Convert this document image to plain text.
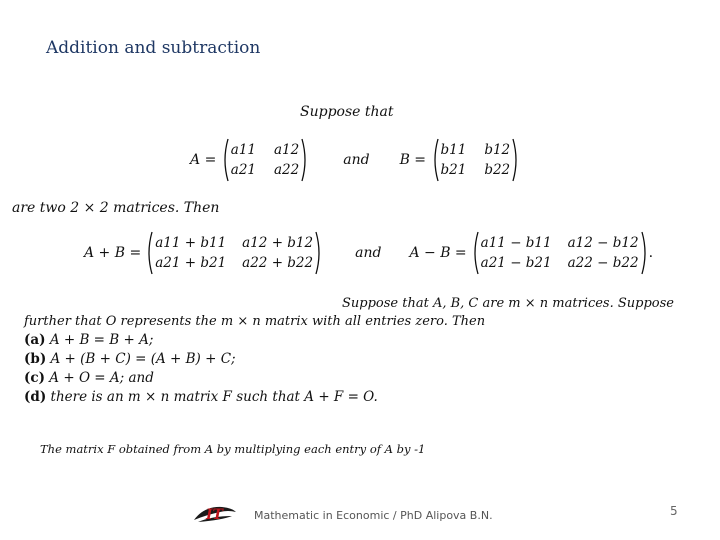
Addition and subtraction
Suppose that
A =
a11 a12
a21 a22
and B =
b11 b12
b21 b22
are two 2 × 2 matrices. Then
A + B =
a11 + b11 a12 + b12
a21 + b21 a22 + b22
and A − B =
a11 − b11 a12 − b12
a21 − b21 a22 − b22
.
Suppose that A, B, C are m × n matrices. Suppose
further that O represents the m × n matrix with all entries zero. Then
(a) A + B = B + A;
(b) A + (B + C) = (A + B) + C;
(c) A + O = A; and
(d) there is an m × n matrix F such that A + F = O.
The matrix F obtained from A by multiplying each entry of A by -1
IT	Mathematic in Economic / PhD Alipova B.N.	5
